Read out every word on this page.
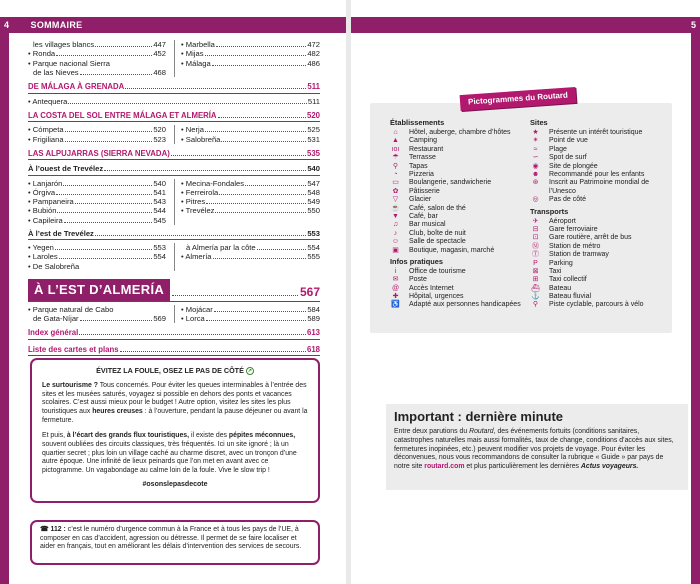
4 SOMMAIRE	5
les villages blancs	447
• Ronda	452
• Parque nacional Sierra
de las Nieves	468
• Marbella	472
• Mijas	482
• Málaga	486
DE MÁLAGA À GRENADA	511
• Antequera	511
LA COSTA DEL SOL ENTRE MÁLAGA ET ALMERÍA	520
• Cómpeta	520
• Frigiliana	523
• Nerja	525
• Salobreña	531
LAS ALPUJARRAS (SIERRA NEVADA)	535
À l’ouest de Trevélez	540
• Lanjarón	540
• Órgiva	541
• Pampaneira	543
• Bubión	544
• Capileira	545
• Mecina-Fondales	547
• Ferreirola	548
• Pitres	549
• Trevélez	550
À l’est de Trevélez	553
• Yegen	553
• Laroles	554
• De Salobreña
à Almería par la côte	554
• Almería	555
À L’EST D’ALMERÍA	567
• Parque natural de Cabo
de Gata-Níjar	569
• Mojácar	584
• Lorca	589
Index général	613
Liste des cartes et plans	618
ÉVITEZ LA FOULE, OSEZ LE PAS DE CÔTÉ ↗

Le surtourisme ? Tous concernés. Pour éviter les queues interminables à l’entrée des sites et les musées saturés, voyagez si possible en dehors des ponts et vacances scolaires. C’est aussi mieux pour le budget ! Autre option, visitez les sites les plus touristiques aux heures creuses : à l’ouverture, pendant la pause déjeuner ou avant la fermeture.

Et puis, à l’écart des grands flux touristiques, il existe des pépites méconnues, souvent oubliées des circuits classiques, très fréquentés. Ici un site ignoré ; là un quartier secret ; plus loin un village caché au charme discret, avec un tronçon d’une autre époque. Une infinité de lieux peinards que l’on met en avant avec ce pictogramme. Un vagabondage au calme loin de la foule. Vive le slow trip !

#osonslepasdecote
☎ 112 : c’est le numéro d’urgence commun à la France et à tous les pays de l’UE, à composer en cas d’accident, agression ou détresse. Il permet de se faire localiser et aider en français, tout en améliorant les délais d’intervention des services de secours.
Pictogrammes du Routard
Établissements
⌂	Hôtel, auberge, chambre d’hôtes
▲ Camping
ıoı Restaurant
☂	Terrasse
⚲	Tapas
◔	Pizzeria
▭	Boulangerie, sandwicherie
✿	Pâtisserie
▽	Glacier
☕ Café, salon de thé
▼ Café, bar
♫	Bar musical
♪	Club, boîte de nuit
☺ Salle de spectacle
▣	Boutique, magasin, marché
Infos pratiques
i	Office de tourisme
✉	Poste
@ Accès Internet
✚	Hôpital, urgences
♿ Adapté aux personnes handicapées
Sites
★	Présente un intérêt touristique
✶	Point de vue
≈	Plage
∽	Spot de surf
◉	Site de plongée
☻ Recommandé pour les enfants
⊛	Inscrit au Patrimoine mondial de l’Unesco
◎	Pas de côté
Transports
✈	Aéroport
⊟	Gare ferroviaire
⊡	Gare routière, arrêt de bus
Ⓜ Station de métro
Ⓣ Station de tramway
P	Parking
⊠	Taxi
⊞	Taxi collectif
⛴ Bateau
⚓ Bateau fluvial
⚲	Piste cyclable, parcours à vélo
Important : dernière minute

Entre deux parutions du Routard, des événements fortuits (conditions sanitaires, catastrophes naturelles mais aussi formalités, taux de change, conditions d’accès aux sites, fermetures inopinées, etc.) peuvent modifier vos projets de voyage. Pour éviter les déconvenues, nous vous recommandons de consulter la rubrique « Guide » par pays de notre site routard.com et plus particulièrement les dernières Actus voyageurs.
